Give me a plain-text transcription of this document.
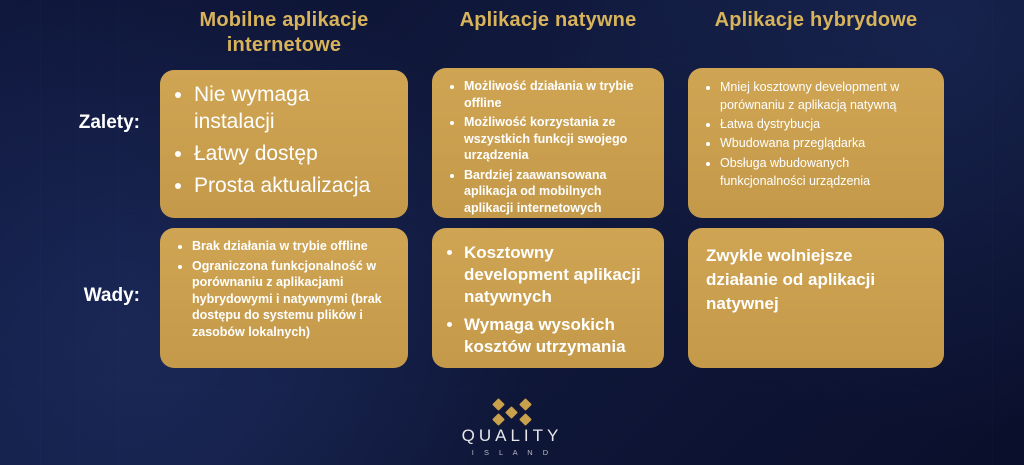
Mobilne aplikacje internetowe
Aplikacje natywne	Aplikacje hybrydowe
Zalety:
Wady:
• Nie wymaga instalacji
• Łatwy dostęp
• Prosta aktualizacja
• Możliwość działania w trybie offline
• Możliwość korzystania ze wszystkich funkcji swojego urządzenia
• Bardziej zaawansowana aplikacja od mobilnych aplikacji internetowych
• Mniej kosztowny development w porównaniu z aplikacją natywną
• Łatwa dystrybucja
• Wbudowana przeglądarka
• Obsługa wbudowanych funkcjonalności urządzenia
• Brak działania w trybie offline
• Ograniczona funkcjonalność w porównaniu z aplikacjami hybrydowymi i natywnymi (brak dostępu do systemu plików i zasobów lokalnych)
• Kosztowny development aplikacji natywnych
• Wymaga wysokich kosztów utrzymania
Zwykle wolniejsze działanie od aplikacji natywnej
QUALITY
I S L A N D
